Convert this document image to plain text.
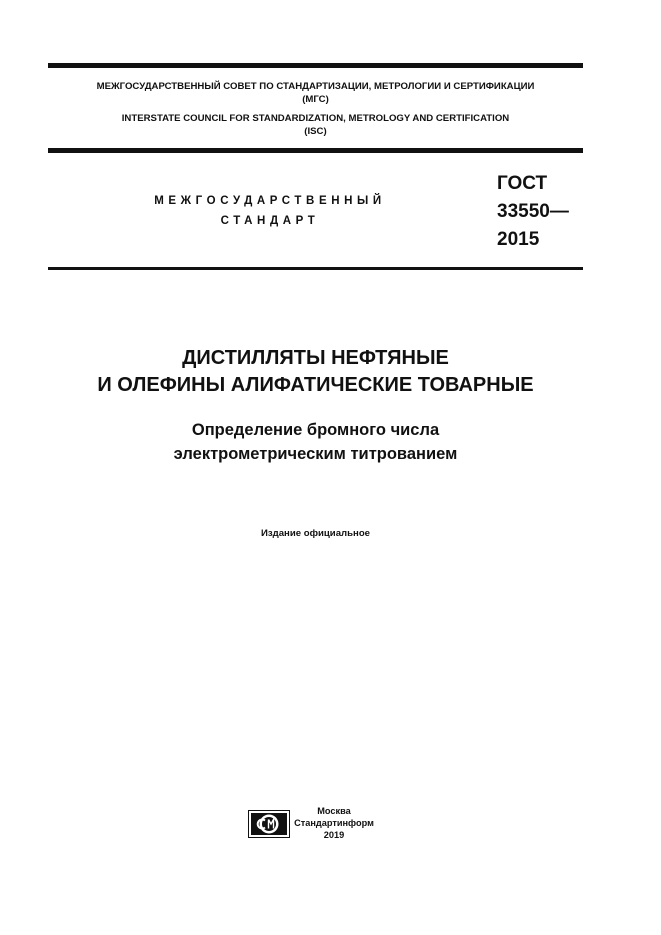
МЕЖГОСУДАРСТВЕННЫЙ СОВЕТ ПО СТАНДАРТИЗАЦИИ, МЕТРОЛОГИИ И СЕРТИФИКАЦИИ
(МГС)
INTERSTATE COUNCIL FOR STANDARDIZATION, METROLOGY AND CERTIFICATION
(ISC)
МЕЖГОСУДАРСТВЕННЫЙ
СТАНДАРТ
ГОСТ
33550—
2015
ДИСТИЛЛЯТЫ НЕФТЯНЫЕ
И ОЛЕФИНЫ АЛИФАТИЧЕСКИЕ ТОВАРНЫЕ
Определение бромного числа
электрометрическим титрованием
Издание официальное
Москва
Стандартинформ
2019
